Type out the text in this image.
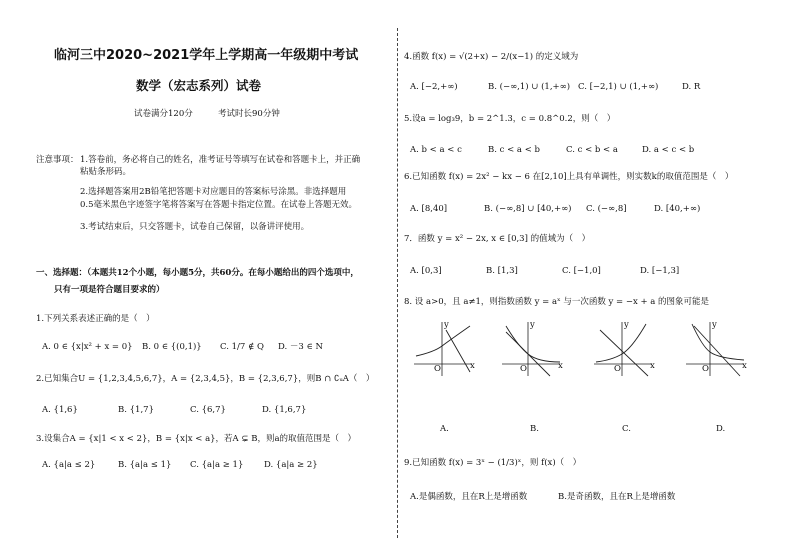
临河三中2020~2021学年上学期高一年级期中考试
数学（宏志系列）试卷
试卷满分120分	考试时长90分钟
注意事项： 1.答卷前，务必将自己的姓名，准考证号等填写在试卷和答题卡上，并正确
粘贴条形码。
2.选择题答案用2B铅笔把答题卡对应题目的答案标号涂黑。非选择题用
0.5毫米黑色字迹签字笔将答案写在答题卡指定位置。在试卷上答题无效。
3.考试结束后，只交答题卡，试卷自己保留，以备讲评使用。
一、选择题：（本题共12个小题，每小题5分，共60分。在每小题给出的四个选项中，
只有一项是符合题目要求的）
1.下列关系表述正确的是（　）
A. 0 ∈ {x|x² + x = 0} B. 0 ∈ {(0,1)} C. 1/7 ∉ Q D. －3 ∈ N
2.已知集合U = {1,2,3,4,5,6,7}，A = {2,3,4,5}，B = {2,3,6,7}，则B ∩ ∁ᵤA（　）
A. {1,6}	B. {1,7}	C. {6,7}	D. {1,6,7}
3.设集合A = {x|1 < x < 2}，B = {x|x < a}，若A ⊊ B，则a的取值范围是（　）
A. {a|a ≤ 2}	B. {a|a ≤ 1} C. {a|a ≥ 1} D. {a|a ≥ 2}
4.函数 f(x) = √(2+x) − 2/(x−1) 的定义域为
A. [−2,+∞)	B. (−∞,1) ∪ (1,+∞) C. [−2,1) ∪ (1,+∞)	D. R
5.设a = log₃9，b = 2^1.3，c = 0.8^0.2，则（　）
A. b < a < c	B. c < a < b	C. c < b < a	D. a < c < b
6.已知函数 f(x) = 2x² − kx − 6 在[2,10]上具有单调性，则实数k的取值范围是（　）
A. [8,40]	B. (−∞,8] ∪ [40,+∞) C. (−∞,8]	D. [40,+∞)
7．函数 y = x² − 2x, x ∈ [0,3] 的值域为（　）
A. [0,3]	B. [1,3]	C. [−1,0]	D. [−1,3]
8. 设 a>0，且 a≠1，则指数函数 y = aˣ 与一次函数 y = −x + a 的图象可能是
y
x
O
y
x
O
y
x
O
y
x
O
A.	B.	C.	D.
9.已知函数 f(x) = 3ˣ − (1/3)ˣ，则 f(x)（　）
A.是偶函数，且在R上是增函数	B.是奇函数，且在R上是增函数
